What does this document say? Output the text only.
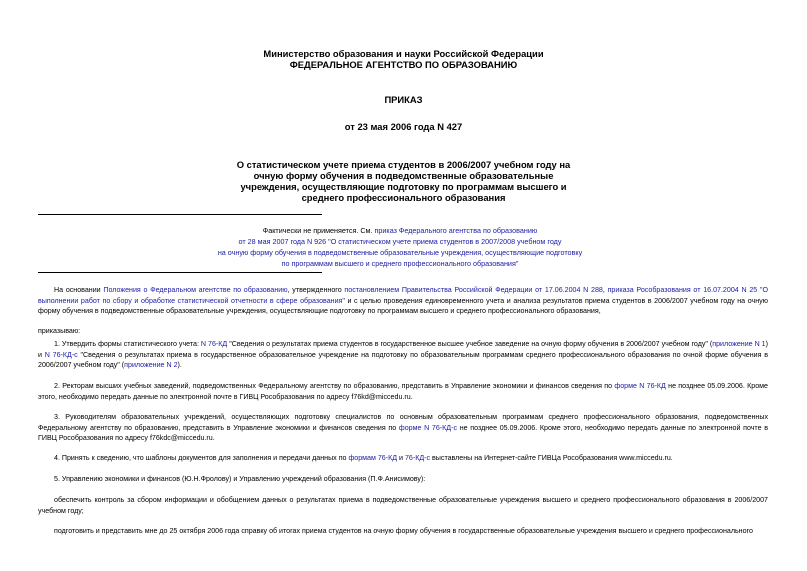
Министерство образования и науки Российской Федерации
ФЕДЕРАЛЬНОЕ АГЕНТСТВО ПО ОБРАЗОВАНИЮ
ПРИКАЗ
от 23 мая 2006 года N 427
О статистическом учете приема студентов в 2006/2007 учебном году на
очную форму обучения в подведомственные образовательные
учреждения, осуществляющие подготовку по программам высшего и
среднего профессионального образования
Фактически не применяется. См. приказ Федерального агентства по образованию
от 28 мая 2007 года N 926 "О статистическом учете приема студентов в 2007/2008 учебном году
на очную форму обучения в подведомственные образовательные учреждения, осуществляющие подготовку
по программам высшего и среднего профессионального образования"
На основании Положения о Федеральном агентстве по образованию, утвержденного постановлением Правительства Российской Федерации от 17.06.2004 N 288, приказа Рособразования от 16.07.2004 N 25 "О выполнении работ по сбору и обработке статистической отчетности в сфере образования" и с целью проведения единовременного учета и анализа результатов приема студентов в 2006/2007 учебном году на очную форму обучения в подведомственные образовательные учреждения, осуществляющие подготовку по программам высшего и среднего профессионального образования,
приказываю:
1. Утвердить формы статистического учета: N 76-КД "Сведения о результатах приема студентов в государственное высшее учебное заведение на очную форму обучения в 2006/2007 учебном году" (приложение N 1) и N 76-КД-с "Сведения о результатах приема в государственное образовательное учреждение на подготовку по образовательным программам среднего профессионального образования по очной форме обучения в 2006/2007 учебном году" (приложение N 2).
2. Ректорам высших учебных заведений, подведомственных Федеральному агентству по образованию, представить в Управление экономики и финансов сведения по форме N 76-КД не позднее 05.09.2006. Кроме этого, необходимо передать данные по электронной почте в ГИВЦ Рособразования по адресу f76kd@miccedu.ru.
3. Руководителям образовательных учреждений, осуществляющих подготовку специалистов по основным образовательным программам среднего профессионального образования, подведомственных Федеральному агентству по образованию, представить в Управление экономики и финансов сведения по форме N 76-КД-с не позднее 05.09.2006. Кроме этого, необходимо передать данные по электронной почте в ГИВЦ Рособразования по адресу f76kdc@miccedu.ru.
4. Принять к сведению, что шаблоны документов для заполнения и передачи данных по формам 76-КД и 76-КД-с выставлены на Интернет-сайте ГИВЦа Рособразования www.miccedu.ru.
5. Управлению экономики и финансов (Ю.Н.Фролову) и Управлению учреждений образования (П.Ф.Анисимову):
обеспечить контроль за сбором информации и обобщением данных о результатах приема в подведомственные образовательные учреждения высшего и среднего профессионального образования в 2006/2007 учебном году;
подготовить и представить мне до 25 октября 2006 года справку об итогах приема студентов на очную форму обучения в государственные образовательные учреждения высшего и среднего профессионального
